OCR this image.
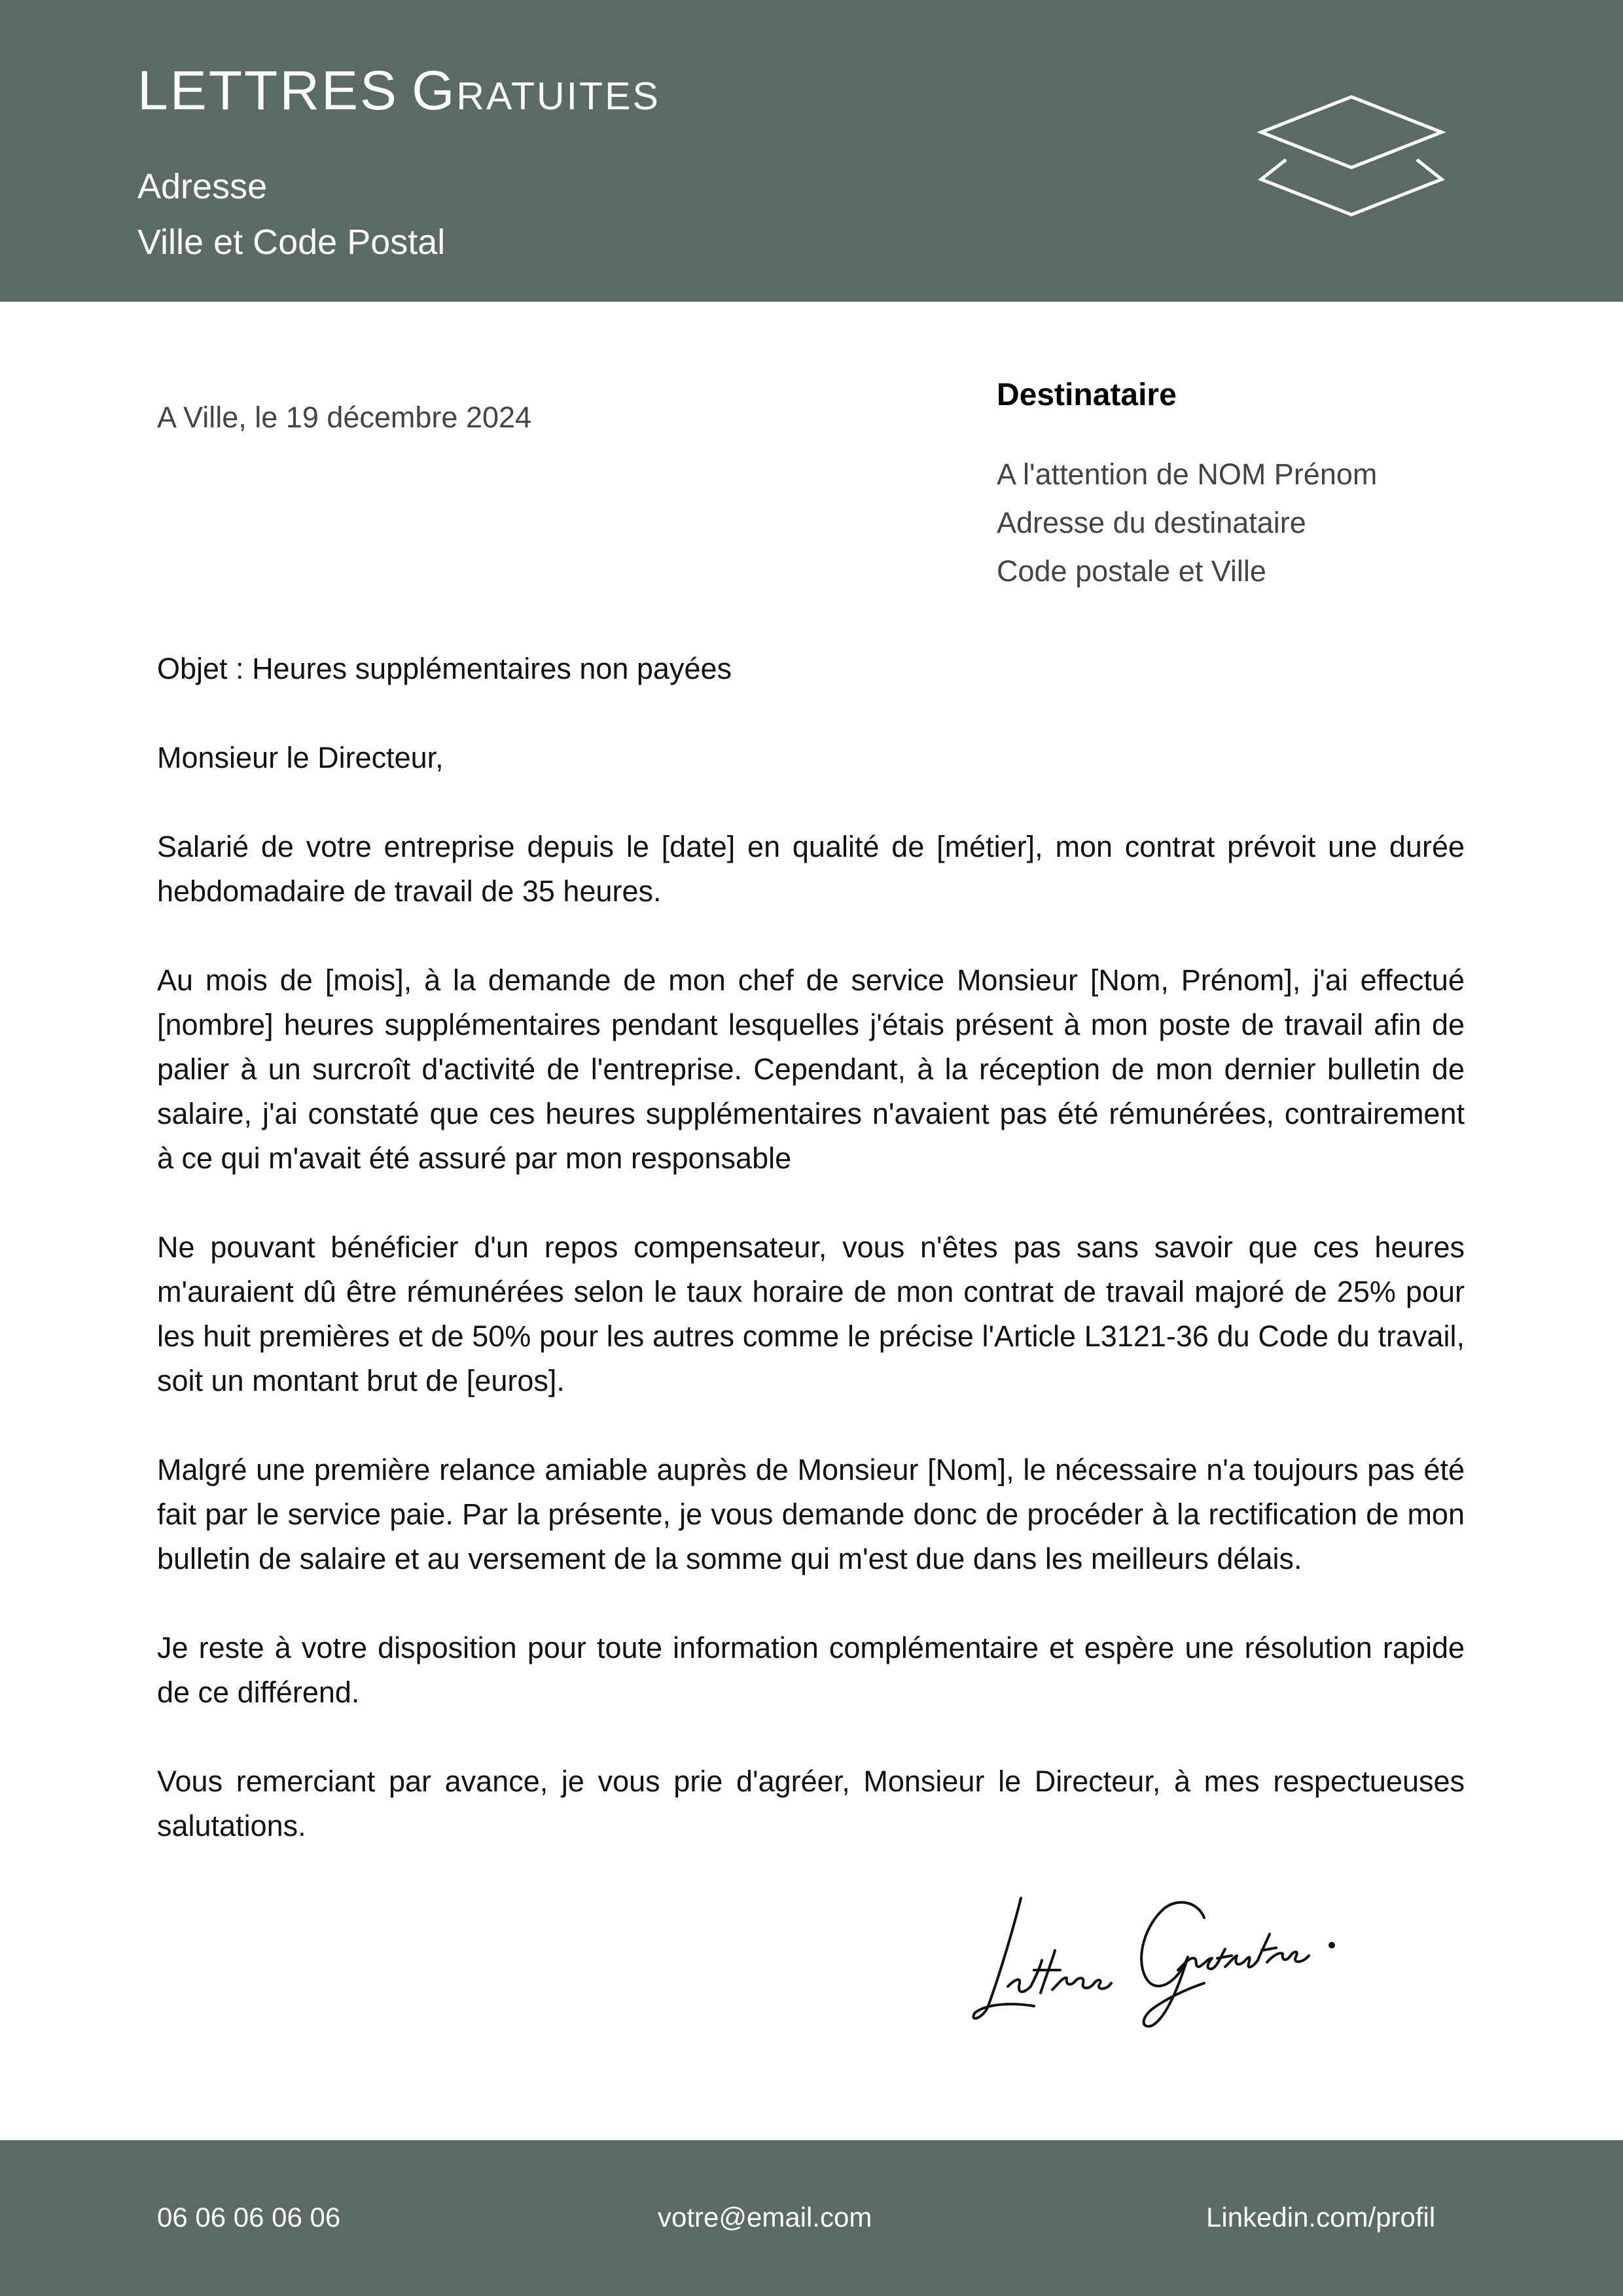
LETTRES Gratuites
Adresse
Ville et Code Postal
A Ville, le 19 décembre 2024
Destinataire
A l'attention de NOM Prénom
Adresse du destinataire
Code postale et Ville

Objet : Heures supplémentaires non payées

Monsieur le Directeur,

Salarié de votre entreprise depuis le [date] en qualité de [métier], mon contrat prévoit une durée hebdomadaire de travail de 35 heures.

Au mois de [mois], à la demande de mon chef de service Monsieur [Nom, Prénom], j'ai effectué [nombre] heures supplémentaires pendant lesquelles j'étais présent à mon poste de travail afin de palier à un surcroît d'activité de l'entreprise. Cependant, à la réception de mon dernier bulletin de salaire, j'ai constaté que ces heures supplémentaires n'avaient pas été rémunérées, contrairement à ce qui m'avait été assuré par mon responsable

Ne pouvant bénéficier d'un repos compensateur, vous n'êtes pas sans savoir que ces heures m'auraient dû être rémunérées selon le taux horaire de mon contrat de travail majoré de 25% pour les huit premières et de 50% pour les autres comme le précise l'Article L3121-36 du Code du travail, soit un montant brut de [euros].

Malgré une première relance amiable auprès de Monsieur [Nom], le nécessaire n'a toujours pas été fait par le service paie. Par la présente, je vous demande donc de procéder à la rectification de mon bulletin de salaire et au versement de la somme qui m'est due dans les meilleurs délais.

Je reste à votre disposition pour toute information complémentaire et espère une résolution rapide de ce différend.

Vous remerciant par avance, je vous prie d'agréer, Monsieur le Directeur, à mes respectueuses salutations.

06 06 06 06 06	votre@email.com	Linkedin.com/profil
